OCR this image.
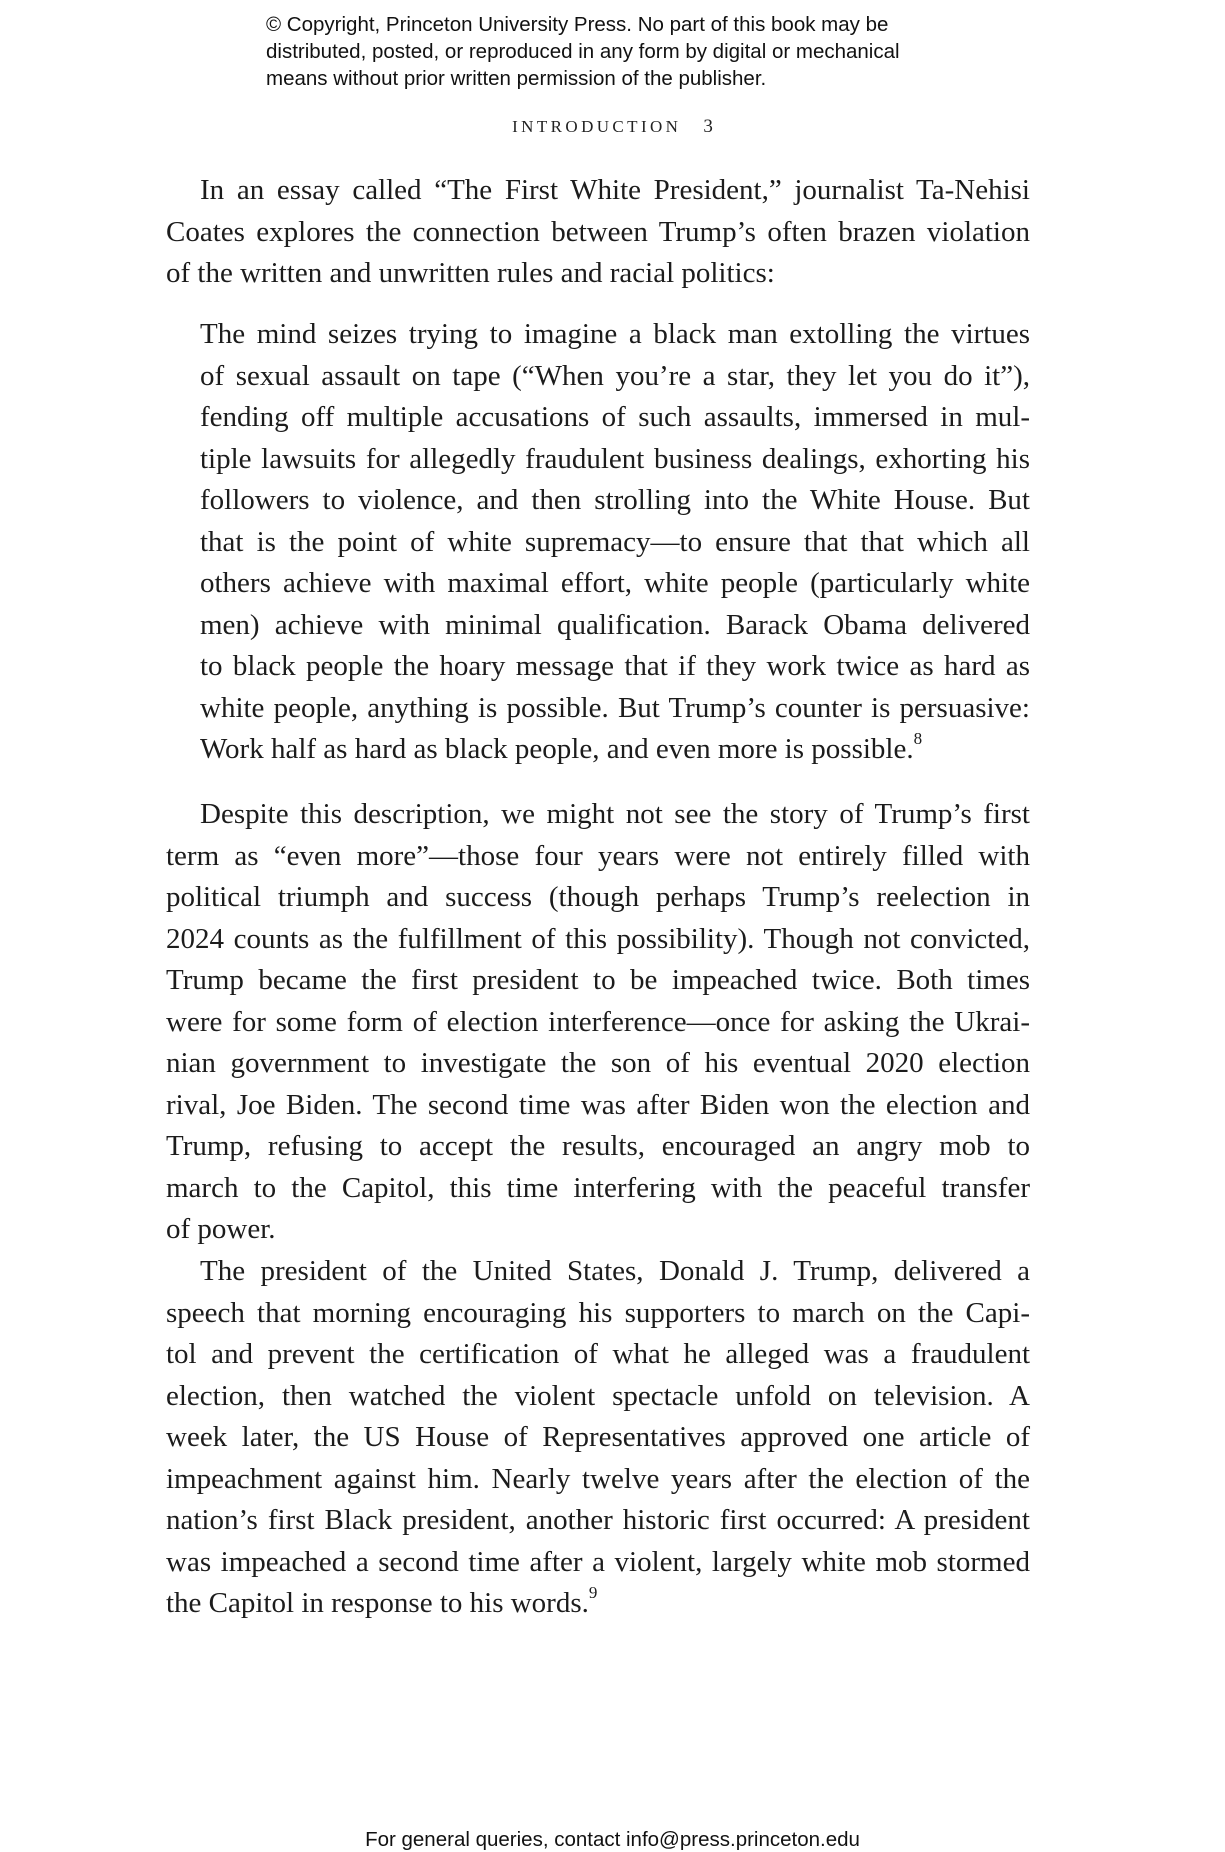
© Copyright, Princeton University Press. No part of this book may be
distributed, posted, or reproduced in any form by digital or mechanical
means without prior written permission of the publisher.
INTRODUCTION 3
In an essay called “The First White President,” journalist Ta-Nehisi
Coates explores the connection between Trump’s often brazen violation
of the written and unwritten rules and racial politics:
The mind seizes trying to imagine a black man extolling the virtues
of sexual assault on tape (“When you’re a star, they let you do it”),
fending off multiple accusations of such assaults, immersed in mul-
tiple lawsuits for allegedly fraudulent business dealings, exhorting his
followers to violence, and then strolling into the White House. But
that is the point of white supremacy—to ensure that that which all
others achieve with maximal effort, white people (particularly white
men) achieve with minimal qualification. Barack Obama delivered
to black people the hoary message that if they work twice as hard as
white people, anything is possible. But Trump’s counter is persuasive:
Work half as hard as black people, and even more is possible.$^8$
Despite this description, we might not see the story of Trump’s first
term as “even more”—those four years were not entirely filled with
political triumph and success (though perhaps Trump’s reelection in
2024 counts as the fulfillment of this possibility). Though not convicted,
Trump became the first president to be impeached twice. Both times
were for some form of election interference—once for asking the Ukrai-
nian government to investigate the son of his eventual 2020 election
rival, Joe Biden. The second time was after Biden won the election and
Trump, refusing to accept the results, encouraged an angry mob to
march to the Capitol, this time interfering with the peaceful transfer
of power.
The president of the United States, Donald J. Trump, delivered a
speech that morning encouraging his supporters to march on the Capi-
tol and prevent the certification of what he alleged was a fraudulent
election, then watched the violent spectacle unfold on television. A
week later, the US House of Representatives approved one article of
impeachment against him. Nearly twelve years after the election of the
nation’s first Black president, another historic first occurred: A president
was impeached a second time after a violent, largely white mob stormed
the Capitol in response to his words.$^9$
For general queries, contact info@press.princeton.edu
